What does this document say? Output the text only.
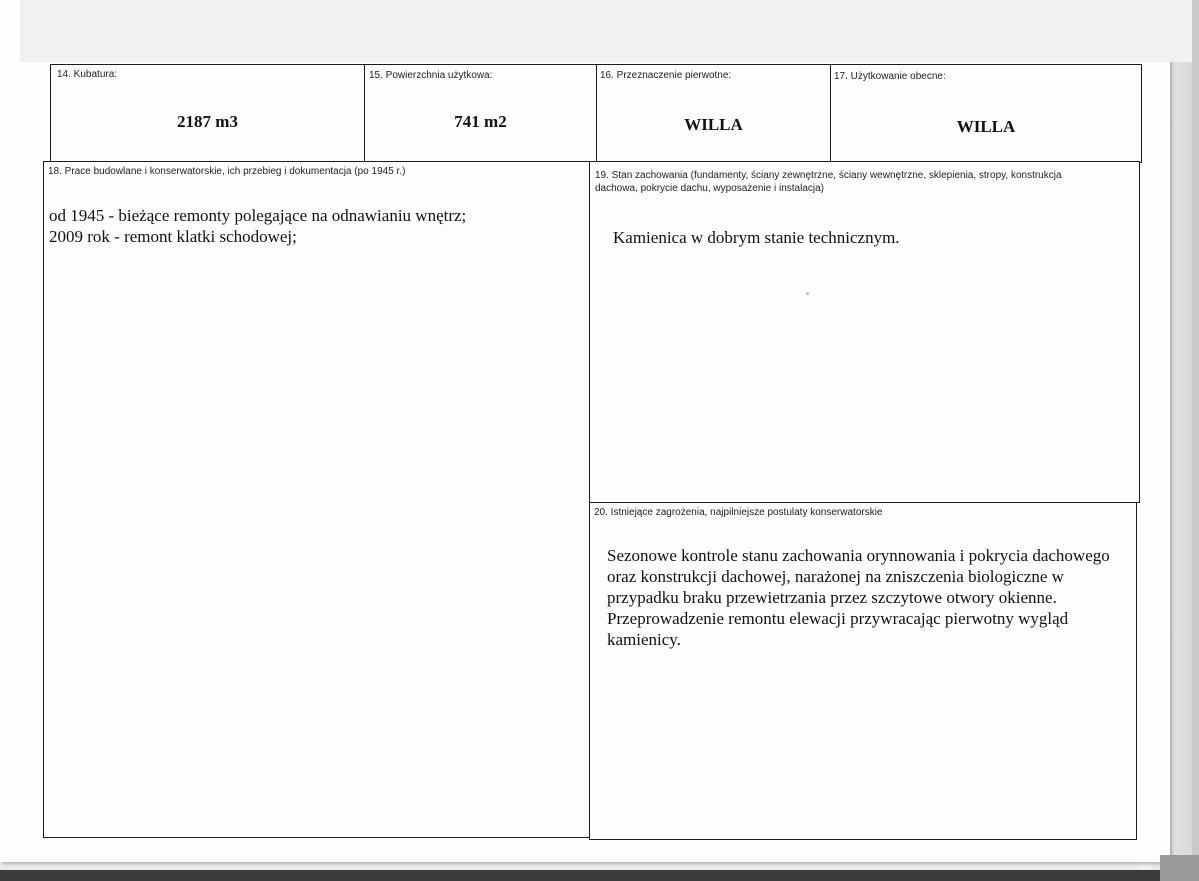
14. Kubatura:
2187 m3
15. Powierzchnia użytkowa:
741 m2
16. Przeznaczenie pierwotne:
WILLA
17. Użytkowanie obecne:
WILLA
18. Prace budowlane i konserwatorskie, ich przebieg i dokumentacja (po 1945 r.)
od 1945 - bieżące remonty polegające na odnawianiu wnętrz;
2009 rok - remont klatki schodowej;
19. Stan zachowania (fundamenty, ściany zewnętrzne, ściany wewnętrzne, sklepienia, stropy, konstrukcja
dachowa, pokrycie dachu, wyposażenie i instalacja)
Kamienica w dobrym stanie technicznym.
20. Istniejące zagrożenia, najpilniejsze postulaty konserwatorskie
Sezonowe kontrole stanu zachowania orynnowania i pokrycia dachowego
oraz konstrukcji dachowej, narażonej na zniszczenia biologiczne w
przypadku braku przewietrzania przez szczytowe otwory okienne.
Przeprowadzenie remontu elewacji przywracając pierwotny wygląd
kamienicy.
